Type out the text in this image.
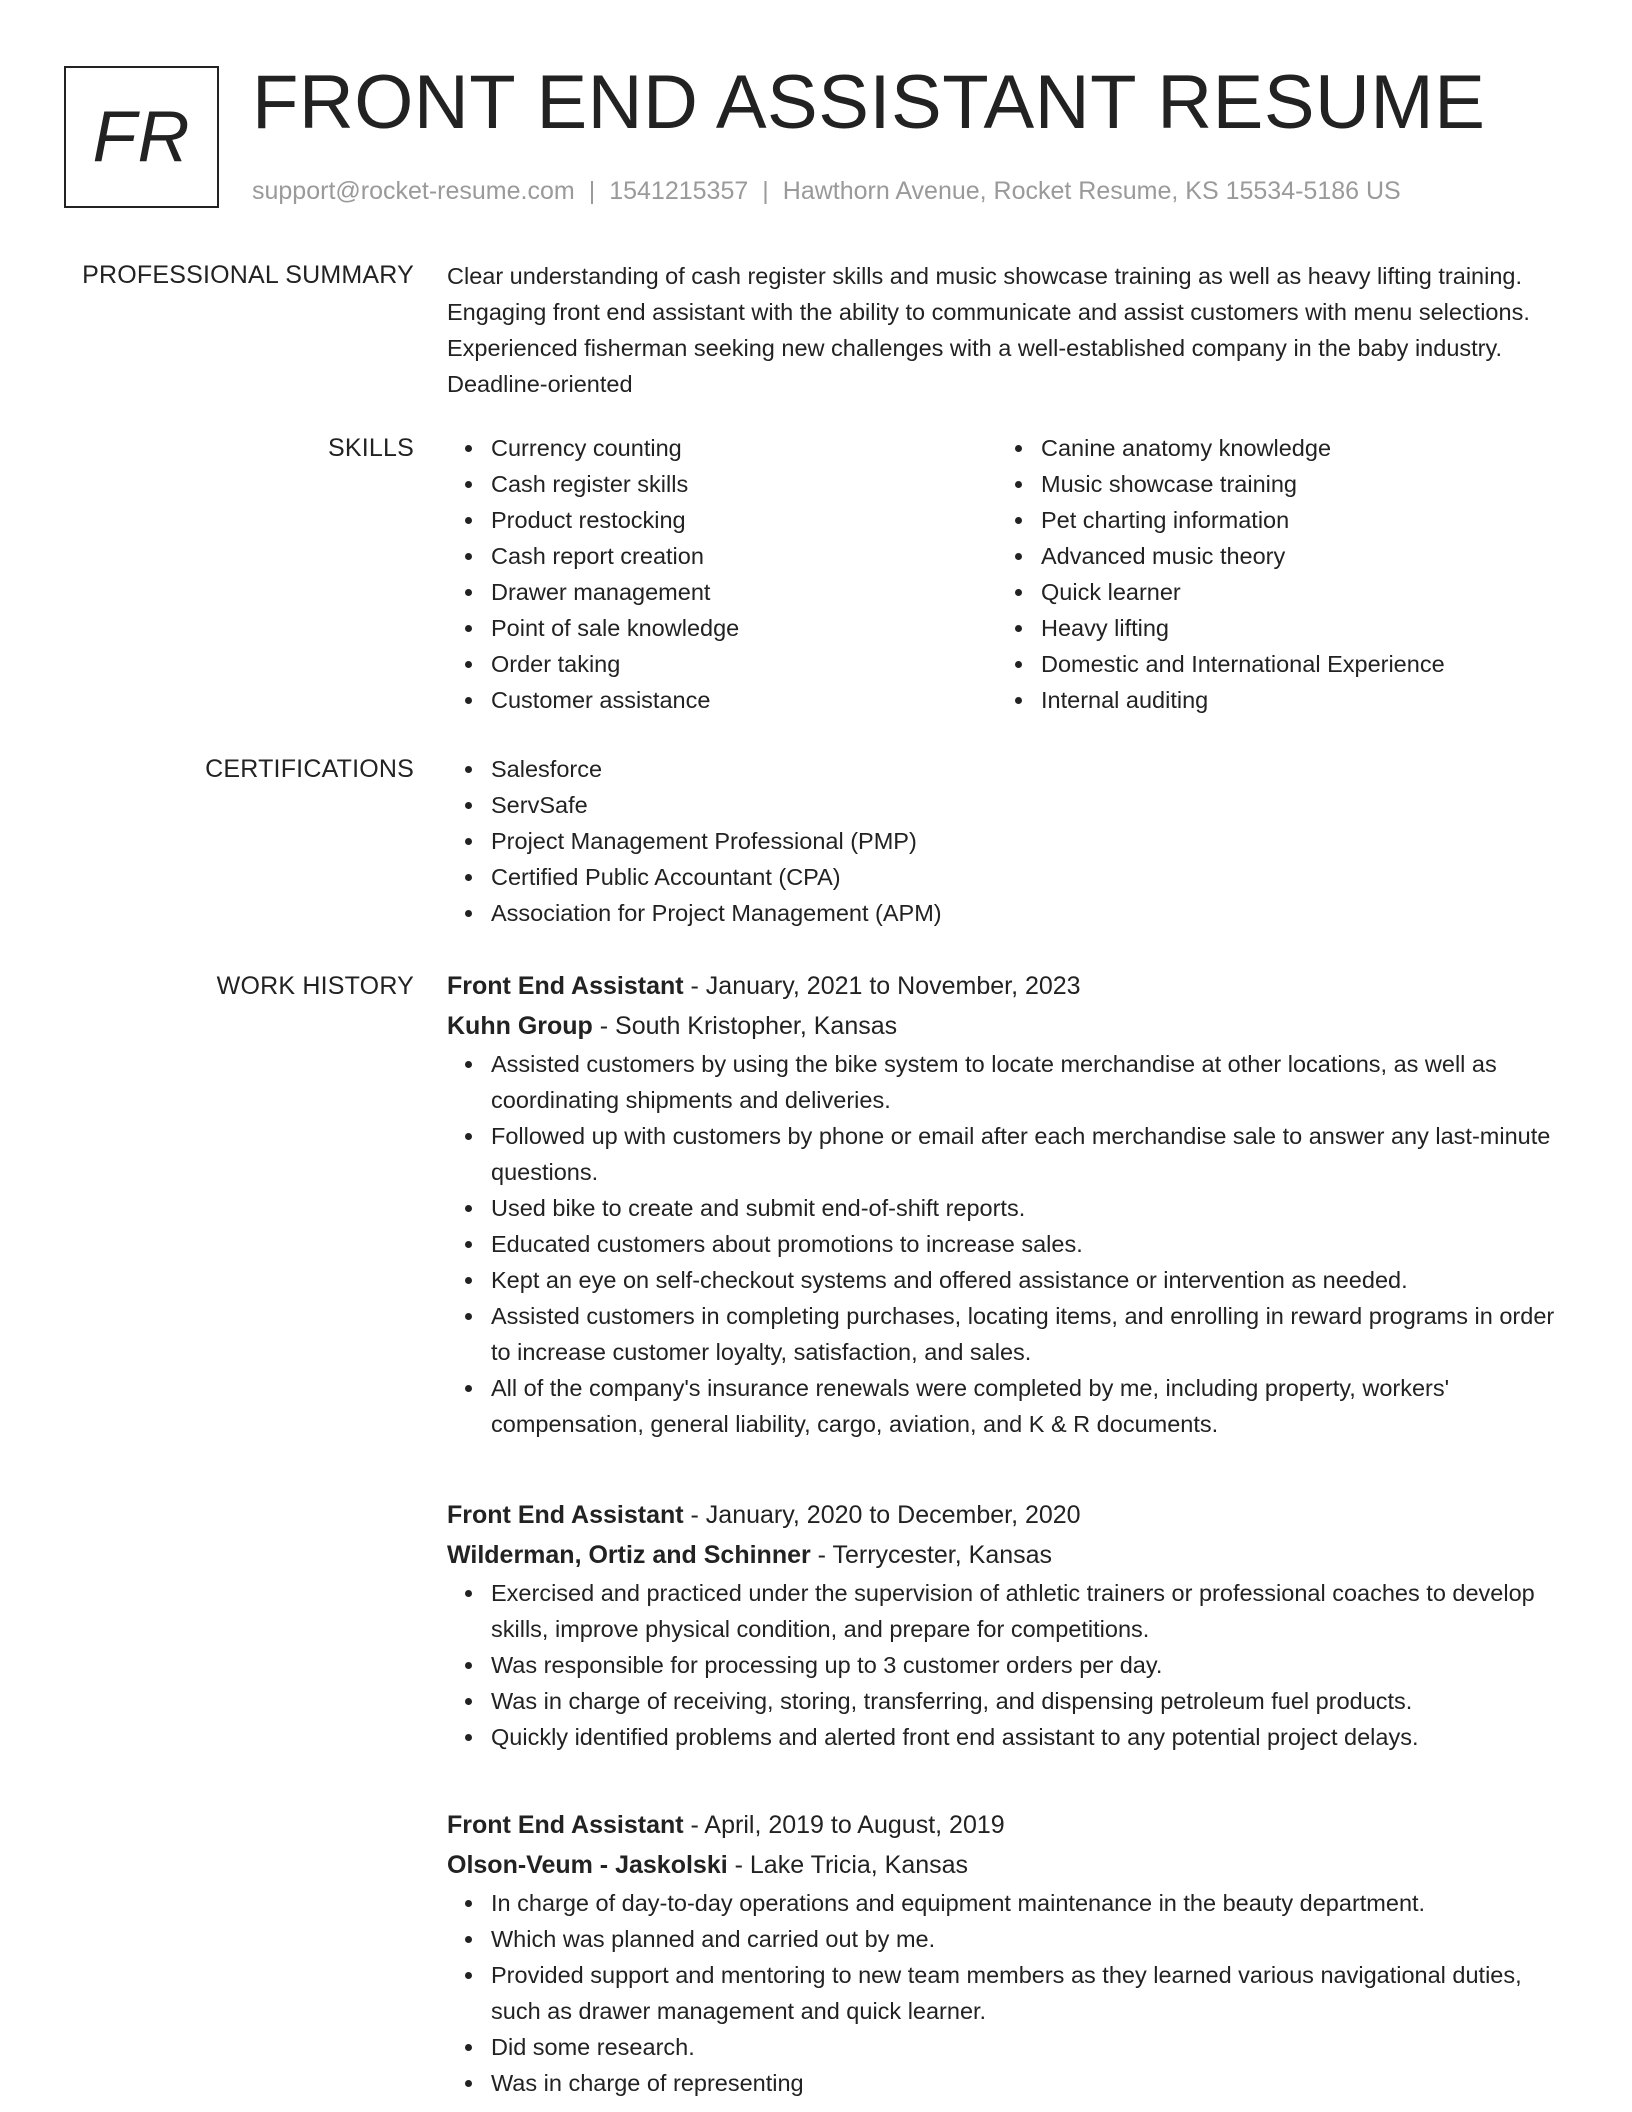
FR FRONT END ASSISTANT RESUME
support@rocket-resume.com | 1541215357 | Hawthorn Avenue, Rocket Resume, KS 15534-5186 US
PROFESSIONAL SUMMARY Clear understanding of cash register skills and music showcase training as well as heavy lifting training. Engaging front end assistant with the ability to communicate and assist customers with menu selections. Experienced fisherman seeking new challenges with a well-established company in the baby industry. Deadline-oriented

SKILLS	Currency counting
Cash register skills
Product restocking
Cash report creation
Drawer management
Point of sale knowledge
Order taking
Customer assistance
Canine anatomy knowledge
Music showcase training
Pet charting information
Advanced music theory
Quick learner
Heavy lifting
Domestic and International Experience
Internal auditing
CERTIFICATIONS	Salesforce
ServSafe
Project Management Professional (PMP)
Certified Public Accountant (CPA)
Association for Project Management (APM)
WORK HISTORY Front End Assistant - January, 2021 to November, 2023
Kuhn Group - South Kristopher, Kansas
Assisted customers by using the bike system to locate merchandise at other locations, as well as coordinating shipments and deliveries.
Followed up with customers by phone or email after each merchandise sale to answer any last-minute questions.
Used bike to create and submit end-of-shift reports.
Educated customers about promotions to increase sales.
Kept an eye on self-checkout systems and offered assistance or intervention as needed.
Assisted customers in completing purchases, locating items, and enrolling in reward programs in order to increase customer loyalty, satisfaction, and sales.
All of the company's insurance renewals were completed by me, including property, workers' compensation, general liability, cargo, aviation, and K & R documents.
Front End Assistant - January, 2020 to December, 2020
Wilderman, Ortiz and Schinner - Terrycester, Kansas
Exercised and practiced under the supervision of athletic trainers or professional coaches to develop skills, improve physical condition, and prepare for competitions.
Was responsible for processing up to 3 customer orders per day.
Was in charge of receiving, storing, transferring, and dispensing petroleum fuel products.
Quickly identified problems and alerted front end assistant to any potential project delays.
Front End Assistant - April, 2019 to August, 2019
Olson-Veum - Jaskolski - Lake Tricia, Kansas
In charge of day-to-day operations and equipment maintenance in the beauty department.
Which was planned and carried out by me.
Provided support and mentoring to new team members as they learned various navigational duties, such as drawer management and quick learner.
Did some research.
Was in charge of representing
